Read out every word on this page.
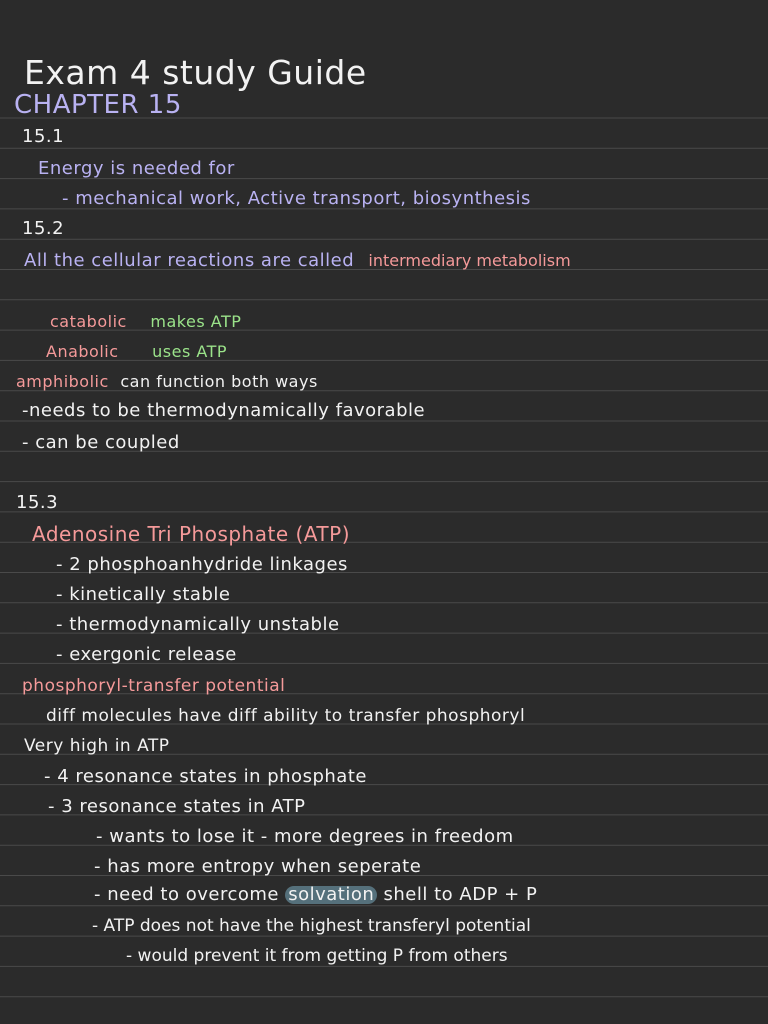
Exam 4 study Guide
CHAPTER 15
15.1
Energy is needed for
- mechanical work, Active transport, biosynthesis
15.2
All the cellular reactions are called intermediary metabolism
catabolic makes ATP
Anabolic uses ATP
amphibolic can function both ways
-needs to be thermodynamically favorable
- can be coupled
15.3
Adenosine Tri Phosphate (ATP)
- 2 phosphoanhydride linkages
- kinetically stable
- thermodynamically unstable
- exergonic release
phosphoryl-transfer potential
diff molecules have diff ability to transfer phosphoryl
Very high in ATP
- 4 resonance states in phosphate
- 3 resonance states in ATP
- wants to lose it - more degrees in freedom
- has more entropy when seperate
- need to overcome solvation shell to ADP + P
- ATP does not have the highest transferyl potential
- would prevent it from getting P from others
